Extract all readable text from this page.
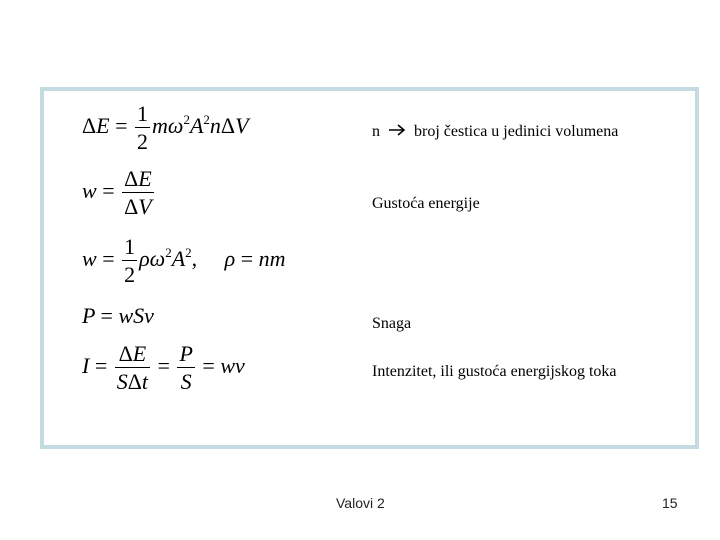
$\Delta E = \frac{1}{2} m\omega^2A^2n\Delta V$
$w = \frac{\Delta E}{\Delta V}$
$w = \frac{1}{2} \rho\omega^2A^2$, ρ = nm
P = wSv
$I = \frac{\Delta E}{\text{SΔt}} = \frac{P}{S}$ = wv
n broj čestica u jedinici volumena
Gustoća energije
Snaga
Intenzitet, ili gustoća energijskog toka
Valovi 2	15
